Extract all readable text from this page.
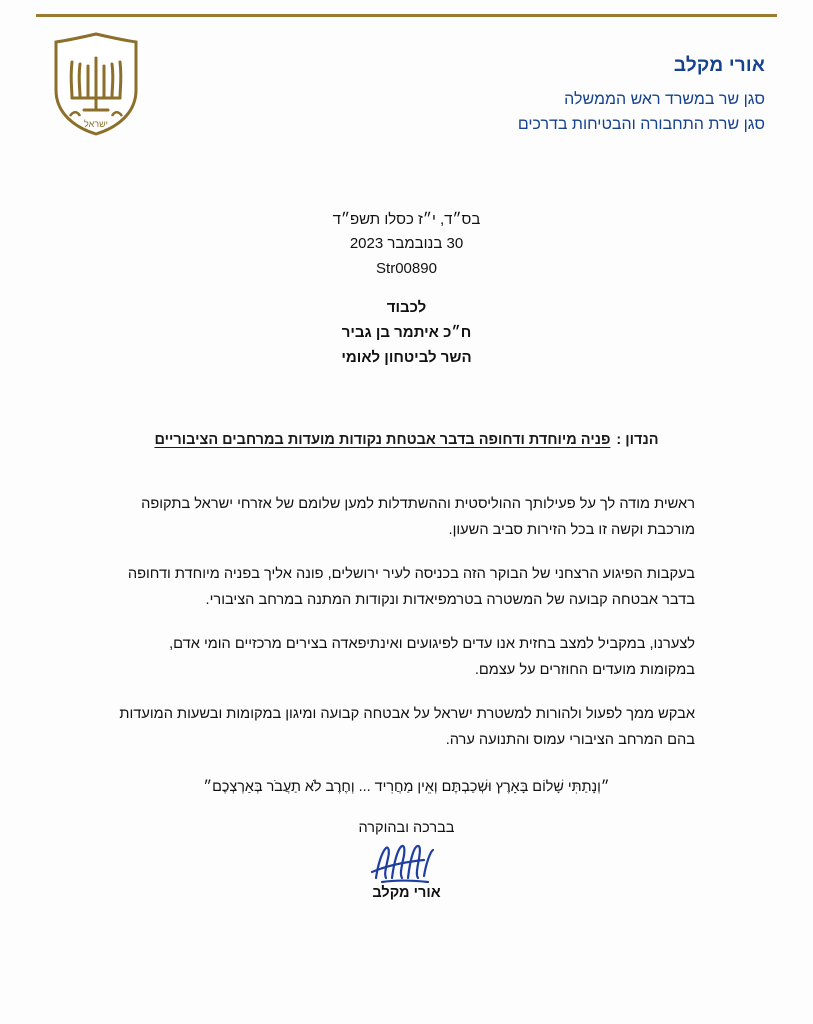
ישראל
אורי מקלב
סגן שר במשרד ראש הממשלה
סגן שרת התחבורה והבטיחות בדרכים
בס״ד, י״ז כסלו תשפ״ד
30 בנובמבר 2023
Str00890
לכבוד
ח״כ איתמר בן גביר
השר לביטחון לאומי
הנדון :פניה מיוחדת ודחופה בדבר אבטחת נקודות מועדות במרחבים הציבוריים

ראשית מודה לך על פעילותך ההוליסטית וההשתדלות למען שלומם של אזרחי ישראל בתקופה מורכבת וקשה זו בכל הזירות סביב השעון.

בעקבות הפיגוע הרצחני של הבוקר הזה בכניסה לעיר ירושלים, פונה אליך בפניה מיוחדת ודחופה בדבר אבטחה קבועה של המשטרה בטרמפיאדות ונקודות המתנה במרחב הציבורי.

לצערנו, במקביל למצב בחזית אנו עדים לפיגועים ואינתיפאדה בצירים מרכזיים הומי אדם, במקומות מועדים החוזרים על עצמם.

אבקש ממך לפעול ולהורות למשטרת ישראל על אבטחה קבועה ומיגון במקומות ובשעות המועדות בהם המרחב הציבורי עמוס והתנועה ערה.

״וְנָתַתִּי שָׁלוֹם בָּאָרֶץ וּשְׁכַבְתֶּם וְאֵין מַחֲרִיד ... וְחֶרֶב לֹא תַעֲבֹר בְּאַרְצְכֶם״
בברכה ובהוקרה
אורי מקלב
